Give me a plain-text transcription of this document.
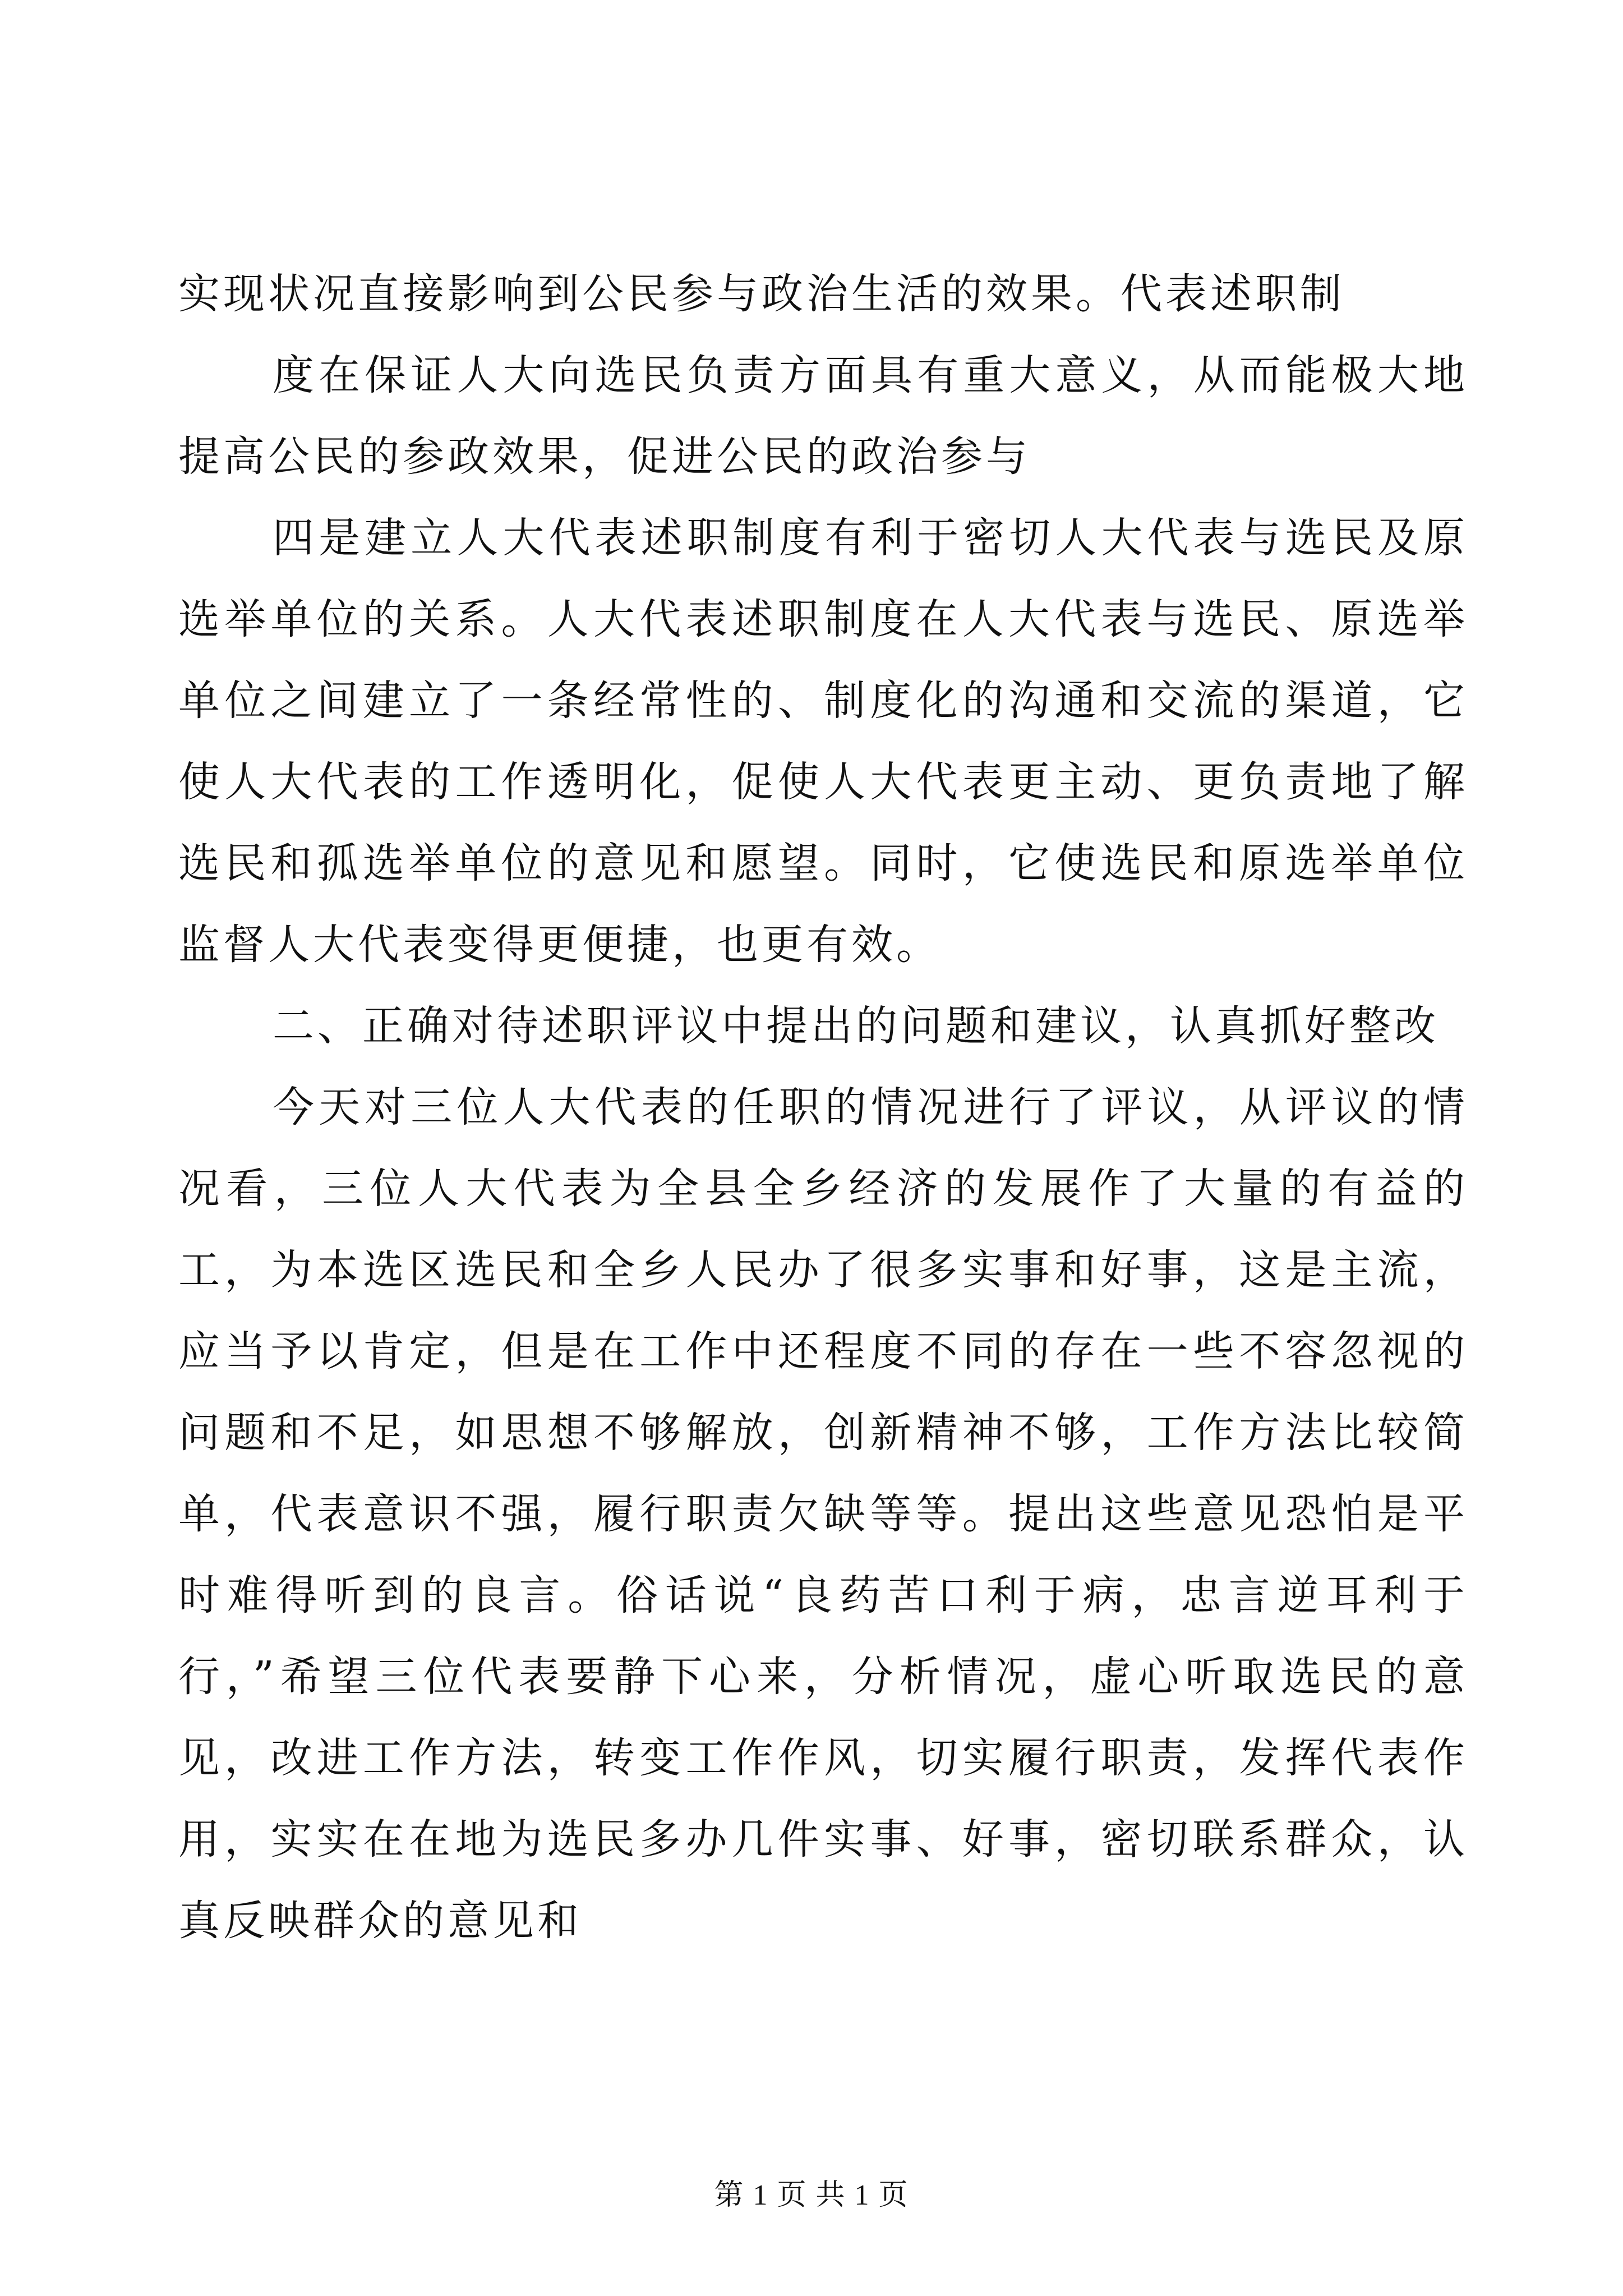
实现状况直接影响到公民参与政治生活的效果。代表述职制

度在保证人大向选民负责方面具有重大意义，从而能极大地提高公民的参政效果，促进公民的政治参与

四是建立人大代表述职制度有利于密切人大代表与选民及原选举单位的关系。人大代表述职制度在人大代表与选民、原选举单位之间建立了一条经常性的、制度化的沟通和交流的渠道，它使人大代表的工作透明化，促使人大代表更主动、更负责地了解选民和孤选举单位的意见和愿望。同时，它使选民和原选举单位监督人大代表变得更便捷，也更有效。

二、正确对待述职评议中提出的问题和建议，认真抓好整改

今天对三位人大代表的任职的情况进行了评议，从评议的情况看，三位人大代表为全县全乡经济的发展作了大量的有益的工，为本选区选民和全乡人民办了很多实事和好事，这是主流，应当予以肯定，但是在工作中还程度不同的存在一些不容忽视的问题和不足，如思想不够解放，创新精神不够，工作方法比较简单，代表意识不强，履行职责欠缺等等。提出这些意见恐怕是平时难得听到的良言。俗话说“良药苦口利于病，忠言逆耳利于行，”希望三位代表要静下心来，分析情况，虚心听取选民的意见，改进工作方法，转变工作作风，切实履行职责，发挥代表作用，实实在在地为选民多办几件实事、好事，密切联系群众，认真反映群众的意见和

第 1 页 共 1 页
